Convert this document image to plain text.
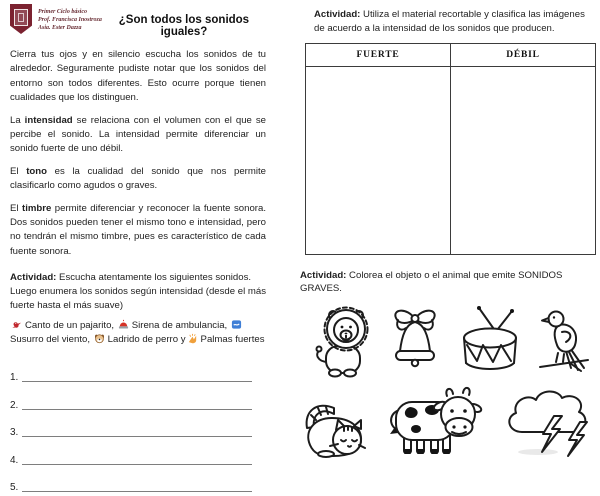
Primer Ciclo básico
Prof. Francisca Inostroza
Asia. Ester Dazza
¿Son todos los sonidos iguales?

Cierra tus ojos y en silencio escucha los sonidos de tu alrededor. Seguramente pudiste notar que los sonidos del entorno son todos diferentes. Esto ocurre porque tienen cualidades que los distinguen.

La intensidad se relaciona con el volumen con el que se percibe el sonido. La intensidad permite diferenciar un sonido fuerte de uno débil.

El tono es la cualidad del sonido que nos permite clasificarlo como agudos o graves.

El timbre permite diferenciar y reconocer la fuente sonora. Dos sonidos pueden tener el mismo tono e intensidad, pero no tendrán el mismo timbre, pues es característico de cada fuente sonora.

Actividad: Escucha atentamente los siguientes sonidos. Luego enumera los sonidos según intensidad (desde el más fuerte hasta el más suave)

Canto de un pajarito, Sirena de ambulancia, Susurro del viento, Ladrido de perro y Palmas fuertes

1.
2.
3.
4.
5.

Actividad: Utiliza el material recortable y clasifica las imágenes de acuerdo a la intensidad de los sonidos que producen.

FUERTE	DÉBIL

Actividad: Colorea el objeto o el animal que emite SONIDOS GRAVES.
